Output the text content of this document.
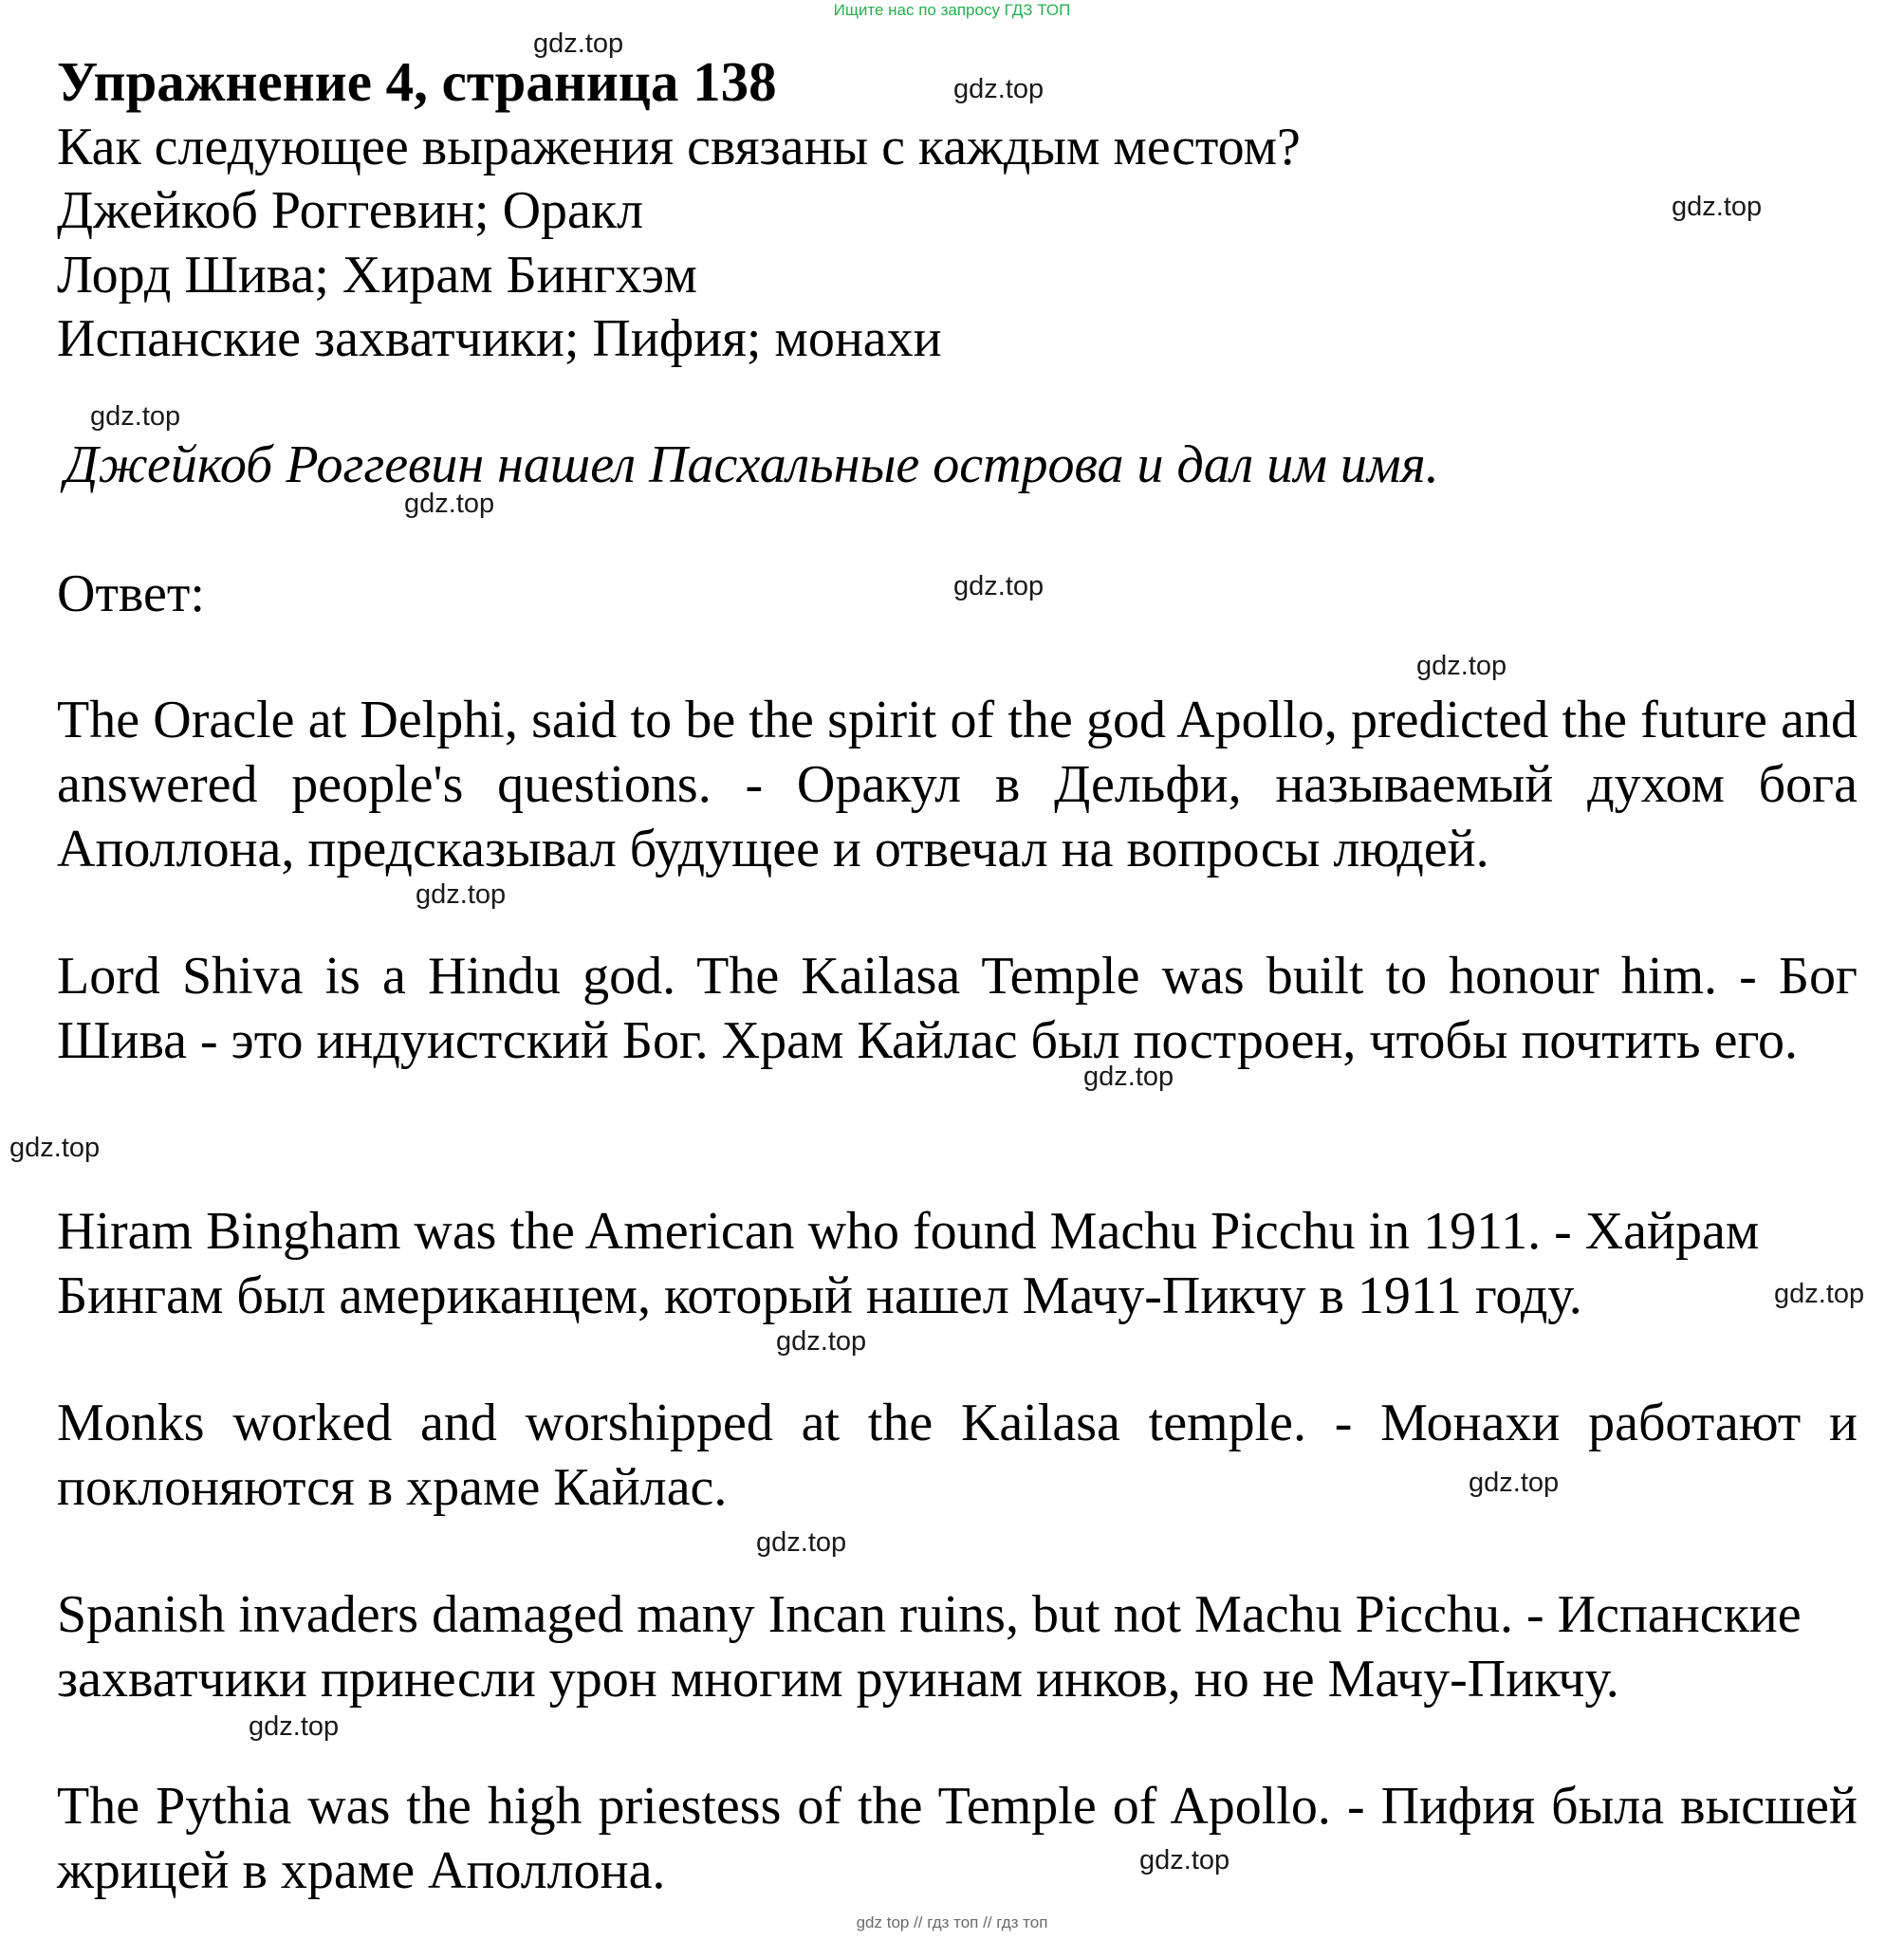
Ищите нас по запросу ГДЗ ТОП
Упражнение 4, страница 138
Как следующее выражения связаны с каждым местом?
Джейкоб Роггевин; Оракл
Лорд Шива; Хирам Бингхэм
Испанские захватчики; Пифия; монахи
Джейкоб Роггевин нашел Пасхальные острова и дал им имя.
Ответ:
The Oracle at Delphi, said to be the spirit of the god Apollo, predicted the future and answered people's questions. - Оракул в Дельфи, называемый духом бога Аполлона, предсказывал будущее и отвечал на вопросы людей.
Lord Shiva is a Hindu god. The Kailasa Temple was built to honour him. - Бог Шива - это индуистский Бог. Храм Кайлас был построен, чтобы почтить его.
Hiram Bingham was the American who found Machu Picchu in 1911. - Хайрам Бингам был американцем, который нашел Мачу-Пикчу в 1911 году.
Monks worked and worshipped at the Kailasa temple. - Монахи работают и поклоняются в храме Кайлас.
Spanish invaders damaged many Incan ruins, but not Machu Picchu. - Испанские захватчики принесли урон многим руинам инков, но не Мачу-Пикчу.
The Pythia was the high priestess of the Temple of Apollo. - Пифия была высшей жрицей в храме Аполлона.
gdz.top
gdz.top
gdz.top
gdz.top
gdz.top
gdz.top
gdz.top
gdz.top
gdz.top
gdz.top
gdz.top
gdz.top
gdz.top
gdz.top
gdz.top
gdz.top
gdz top // гдз топ // гдз топ
